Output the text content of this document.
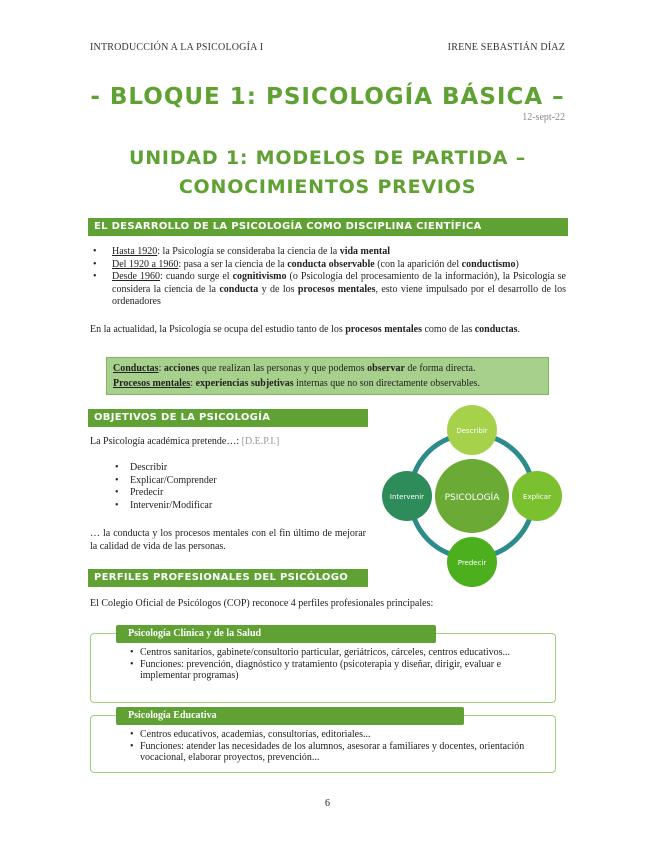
INTRODUCCIÓN A LA PSICOLOGÍA I	IRENE SEBASTIÁN DÍAZ
- BLOQUE 1: PSICOLOGÍA BÁSICA –
12-sept-22
UNIDAD 1: MODELOS DE PARTIDA –
CONOCIMIENTOS PREVIOS
EL DESARROLLO DE LA PSICOLOGÍA COMO DISCIPLINA CIENTÍFICA
• Hasta 1920: la Psicología se consideraba la ciencia de la vida mental
• Del 1920 a 1960: pasa a ser la ciencia de la conducta observable (con la aparición del conductismo)
• Desde 1960: cuando surge el cognitivismo (o Psicología del procesamiento de la información), la Psicología se considera la ciencia de la conducta y de los procesos mentales, esto viene impulsado por el desarrollo de los ordenadores
En la actualidad, la Psicología se ocupa del estudio tanto de los procesos mentales como de las conductas.
Conductas: acciones que realizan las personas y que podemos observar de forma directa.
Procesos mentales: experiencias subjetivas internas que no son directamente observables.
OBJETIVOS DE LA PSICOLOGÍA
La Psicología académica pretende…: [D.E.P.I.]
• Describir
• Explicar/Comprender
• Predecir
• Intervenir/Modificar
… la conducta y los procesos mentales con el fin último de mejorar la calidad de vida de las personas.
PSICOLOGÍA
Describir
Explicar
Predecir
Intervenir
PERFILES PROFESIONALES DEL PSICÓLOGO
El Colegio Oficial de Psicólogos (COP) reconoce 4 perfiles profesionales principales:
Psicología Clínica y de la Salud
• Centros sanitarios, gabinete/consultorio particular, geriátricos, cárceles, centros educativos...
• Funciones: prevención, diagnóstico y tratamiento (psicoterapia y diseñar, dirigir, evaluar e implementar programas)
Psicología Educativa
• Centros educativos, academias, consultorías, editoriales...
• Funciones: atender las necesidades de los alumnos, asesorar a familiares y docentes, orientación vocacional, elaborar proyectos, prevención...
6
